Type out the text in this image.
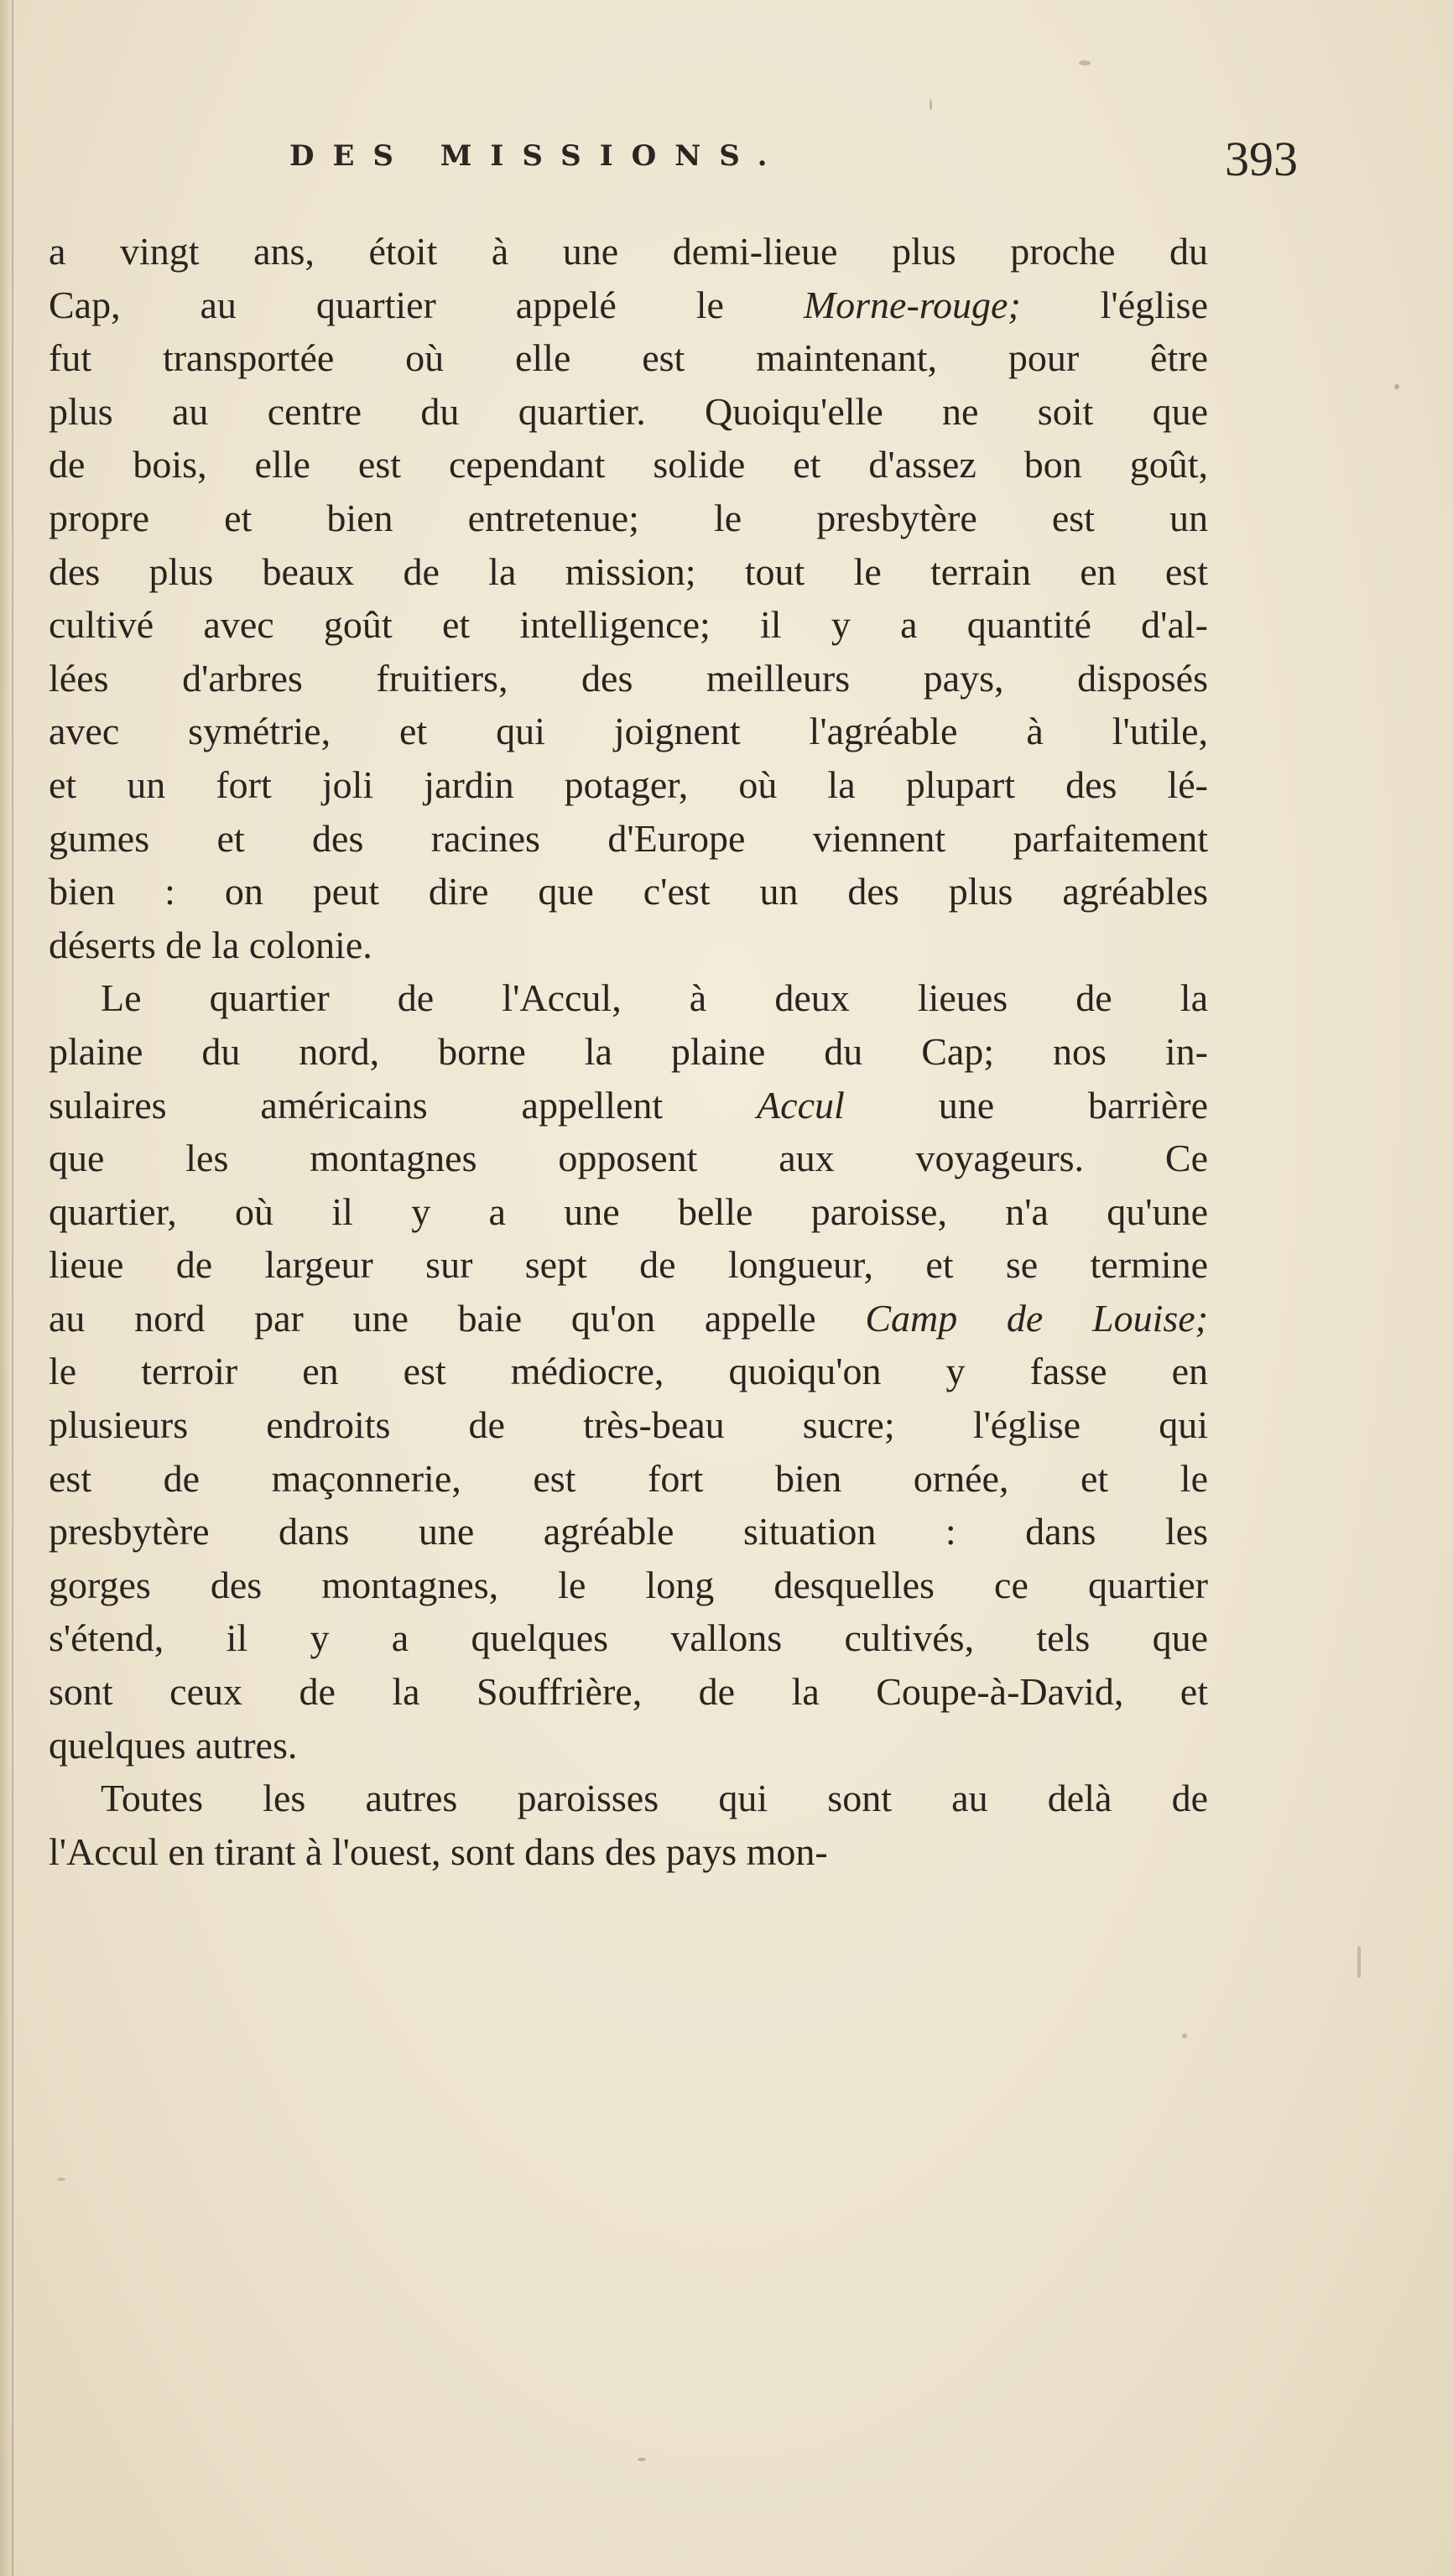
DES MISSIONS.	393
a vingt ans, étoit à une demi-lieue plus proche du
Cap, au quartier appelé le Morne-rouge; l'église
fut transportée où elle est maintenant, pour être
plus au centre du quartier. Quoiqu'elle ne soit que
de bois, elle est cependant solide et d'assez bon goût,
propre et bien entretenue; le presbytère est un
des plus beaux de la mission; tout le terrain en est
cultivé avec goût et intelligence; il y a quantité d'al-
lées d'arbres fruitiers, des meilleurs pays, disposés
avec symétrie, et qui joignent l'agréable à l'utile,
et un fort joli jardin potager, où la plupart des lé-
gumes et des racines d'Europe viennent parfaitement
bien : on peut dire que c'est un des plus agréables
déserts de la colonie.
Le quartier de l'Accul, à deux lieues de la
plaine du nord, borne la plaine du Cap; nos in-
sulaires américains appellent Accul une barrière
que les montagnes opposent aux voyageurs. Ce
quartier, où il y a une belle paroisse, n'a qu'une
lieue de largeur sur sept de longueur, et se termine
au nord par une baie qu'on appelle Camp de Louise;
le terroir en est médiocre, quoiqu'on y fasse en
plusieurs endroits de très-beau sucre; l'église qui
est de maçonnerie, est fort bien ornée, et le
presbytère dans une agréable situation : dans les
gorges des montagnes, le long desquelles ce quartier
s'étend, il y a quelques vallons cultivés, tels que
sont ceux de la Souffrière, de la Coupe-à-David, et
quelques autres.
Toutes les autres paroisses qui sont au delà de
l'Accul en tirant à l'ouest, sont dans des pays mon-
